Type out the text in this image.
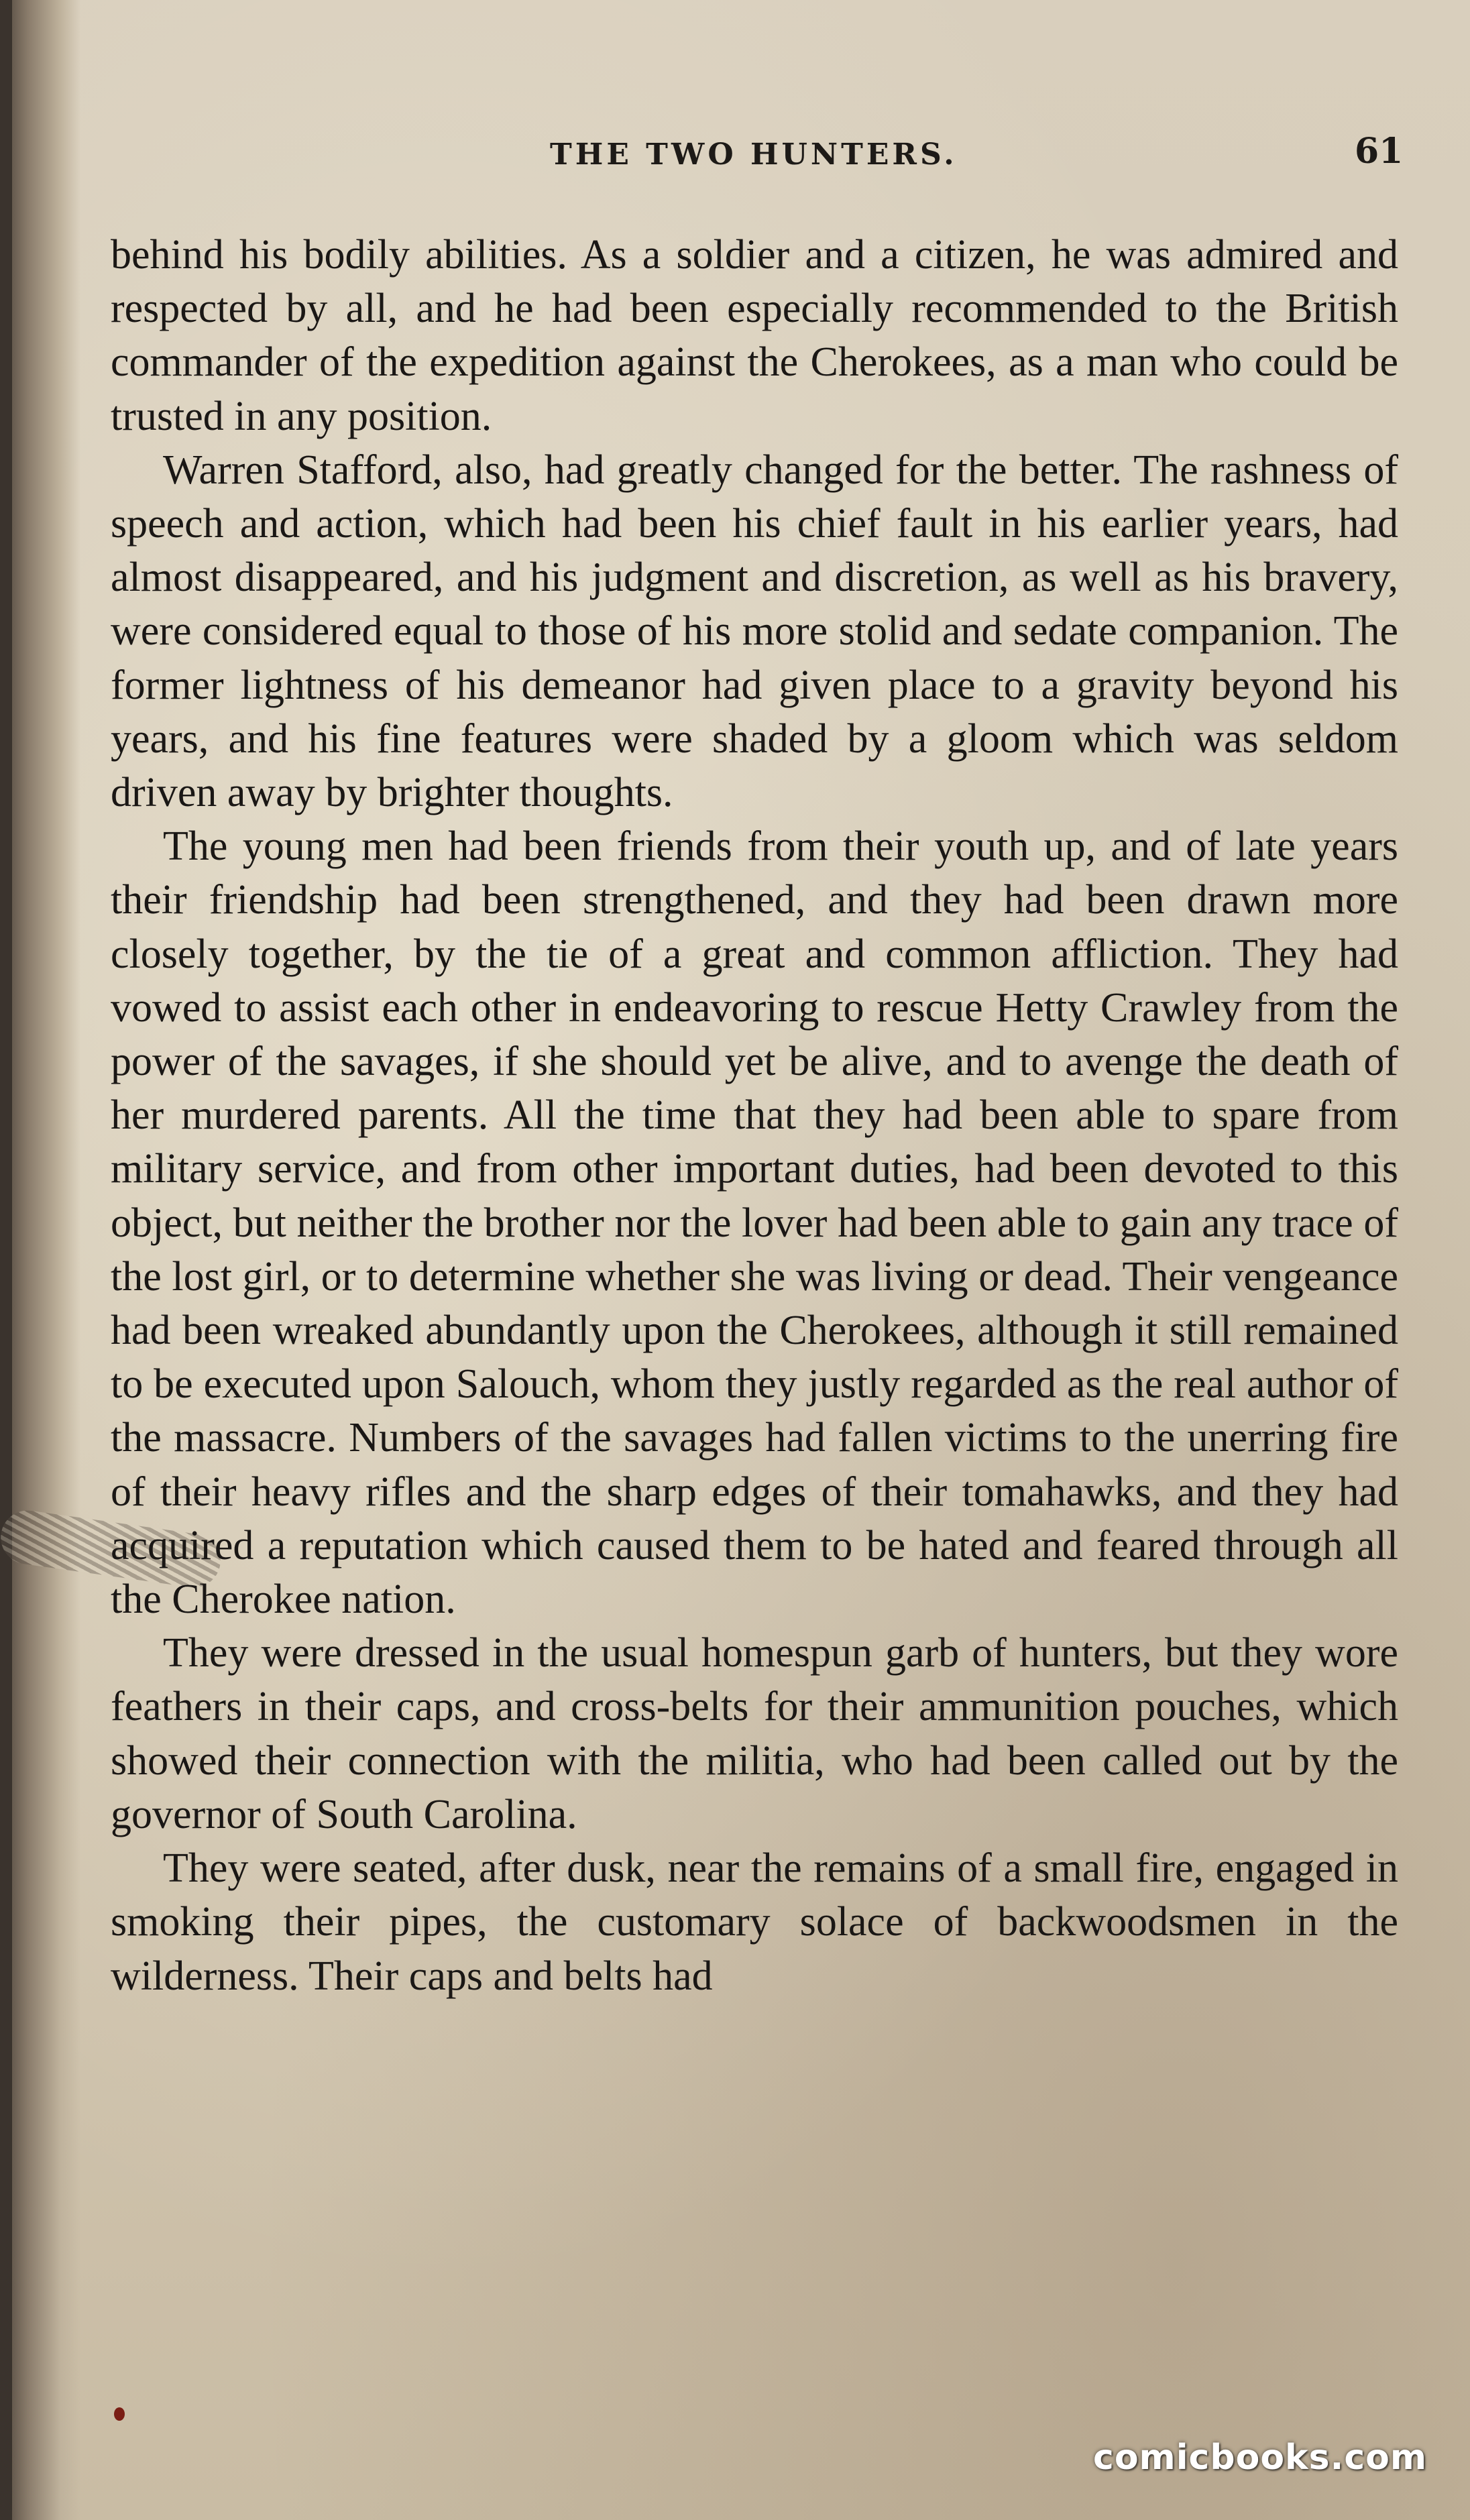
THE TWO HUNTERS.	61

behind his bodily abilities. As a soldier and a citizen, he was admired and respected by all, and he had been especially recommended to the British commander of the expedition against the Cherokees, as a man who could be trusted in any position.

Warren Stafford, also, had greatly changed for the better. The rashness of speech and action, which had been his chief fault in his earlier years, had almost disappeared, and his judgment and discretion, as well as his bravery, were considered equal to those of his more stolid and sedate companion. The former lightness of his demeanor had given place to a gravity beyond his years, and his fine features were shaded by a gloom which was seldom driven away by brighter thoughts.

The young men had been friends from their youth up, and of late years their friendship had been strengthened, and they had been drawn more closely together, by the tie of a great and common affliction. They had vowed to assist each other in endeavoring to rescue Hetty Crawley from the power of the savages, if she should yet be alive, and to avenge the death of her murdered parents. All the time that they had been able to spare from military service, and from other important duties, had been devoted to this object, but neither the brother nor the lover had been able to gain any trace of the lost girl, or to determine whether she was living or dead. Their vengeance had been wreaked abundantly upon the Cherokees, although it still remained to be executed upon Salouch, whom they justly regarded as the real author of the massacre. Numbers of the savages had fallen victims to the unerring fire of their heavy rifles and the sharp edges of their tomahawks, and they had acquired a reputation which caused them to be hated and feared through all the Cherokee nation.

They were dressed in the usual homespun garb of hunters, but they wore feathers in their caps, and cross-belts for their ammunition pouches, which showed their connection with the militia, who had been called out by the governor of South Carolina.

They were seated, after dusk, near the remains of a small fire, engaged in smoking their pipes, the customary solace of backwoodsmen in the wilderness. Their caps and belts had

comicbooks.com
